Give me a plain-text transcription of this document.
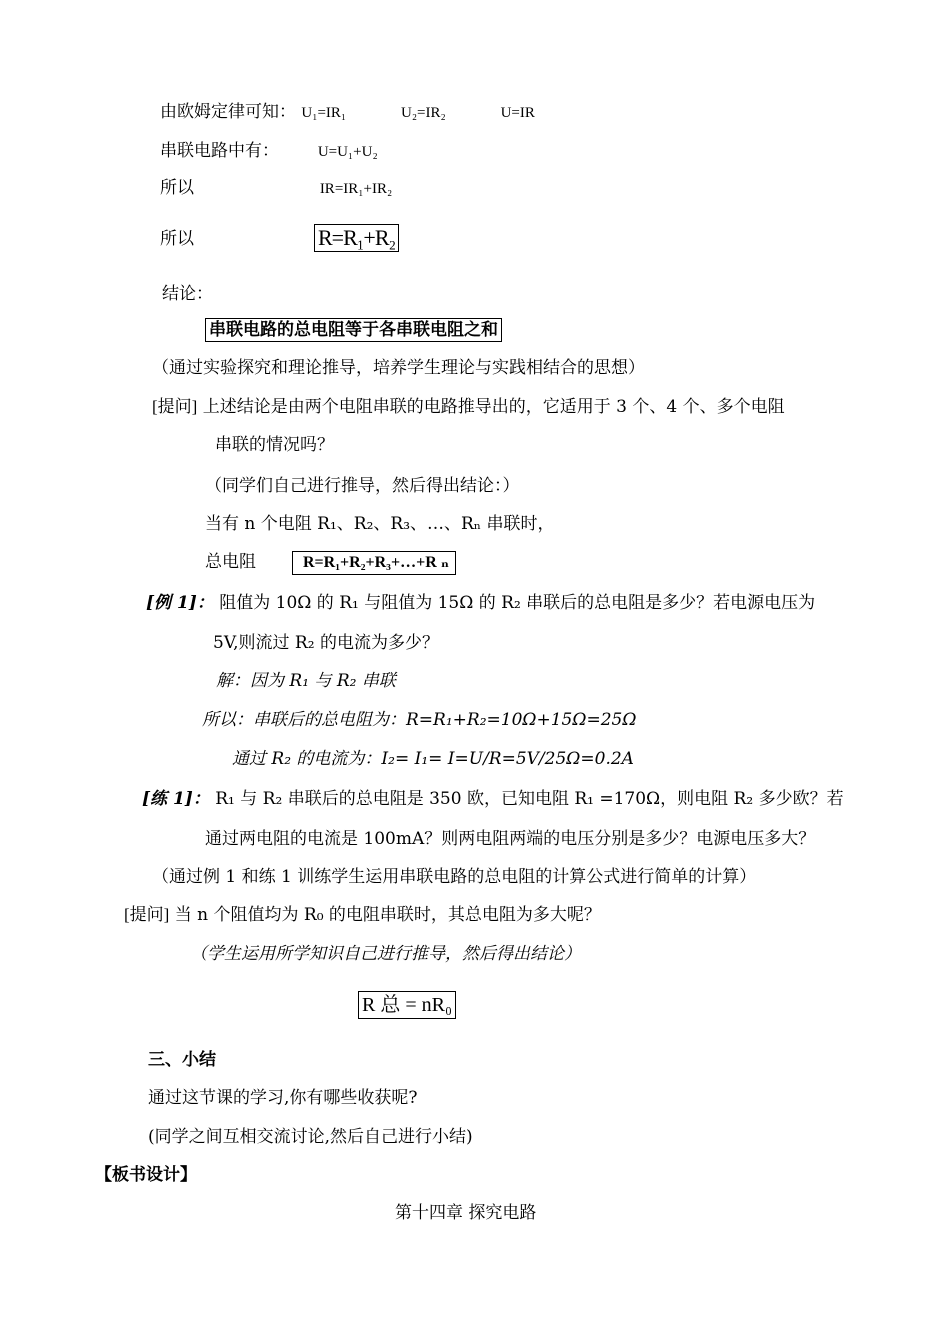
由欧姆定律可知： U₁=IR₁	U₂=IR₂	U=IR
串联电路中有：	U=U₁+U₂
所以	IR=IR₁+IR₂
所以	R=R₁+R₂
结论：
串联电路的总电阻等于各串联电阻之和
（通过实验探究和理论推导，培养学生理论与实践相结合的思想）
[提问] 上述结论是由两个电阻串联的电路推导出的，它适用于 3 个、4 个、多个电阻
串联的情况吗？
（同学们自己进行推导，然后得出结论：）
当有 n 个电阻 R₁、R₂、R₃、…、Rₙ 串联时，
总电阻	R=R₁+R₂+R₃+…+R ₙ
[例 1]： 阻值为 10Ω 的 R₁ 与阻值为 15Ω 的 R₂ 串联后的总电阻是多少？若电源电压为
5V,则流过 R₂ 的电流为多少？
解：因为 R₁ 与 R₂ 串联
所以：串联后的总电阻为：R=R₁+R₂=10Ω+15Ω=25Ω
通过 R₂ 的电流为：I₂= I₁= I=U/R=5V/25Ω=0.2A
[练 1]： R₁ 与 R₂ 串联后的总电阻是 350 欧，已知电阻 R₁ =170Ω，则电阻 R₂ 多少欧？若
通过两电阻的电流是 100mA？则两电阻两端的电压分别是多少？电源电压多大？
（通过例 1 和练 1 训练学生运用串联电路的总电阻的计算公式进行简单的计算）
[提问] 当 n 个阻值均为 R₀ 的电阻串联时，其总电阻为多大呢？
（学生运用所学知识自己进行推导，然后得出结论）
R 总 = nR₀
三、小结
通过这节课的学习,你有哪些收获呢?
(同学之间互相交流讨论,然后自己进行小结)
【板书设计】
第十四章 探究电路
